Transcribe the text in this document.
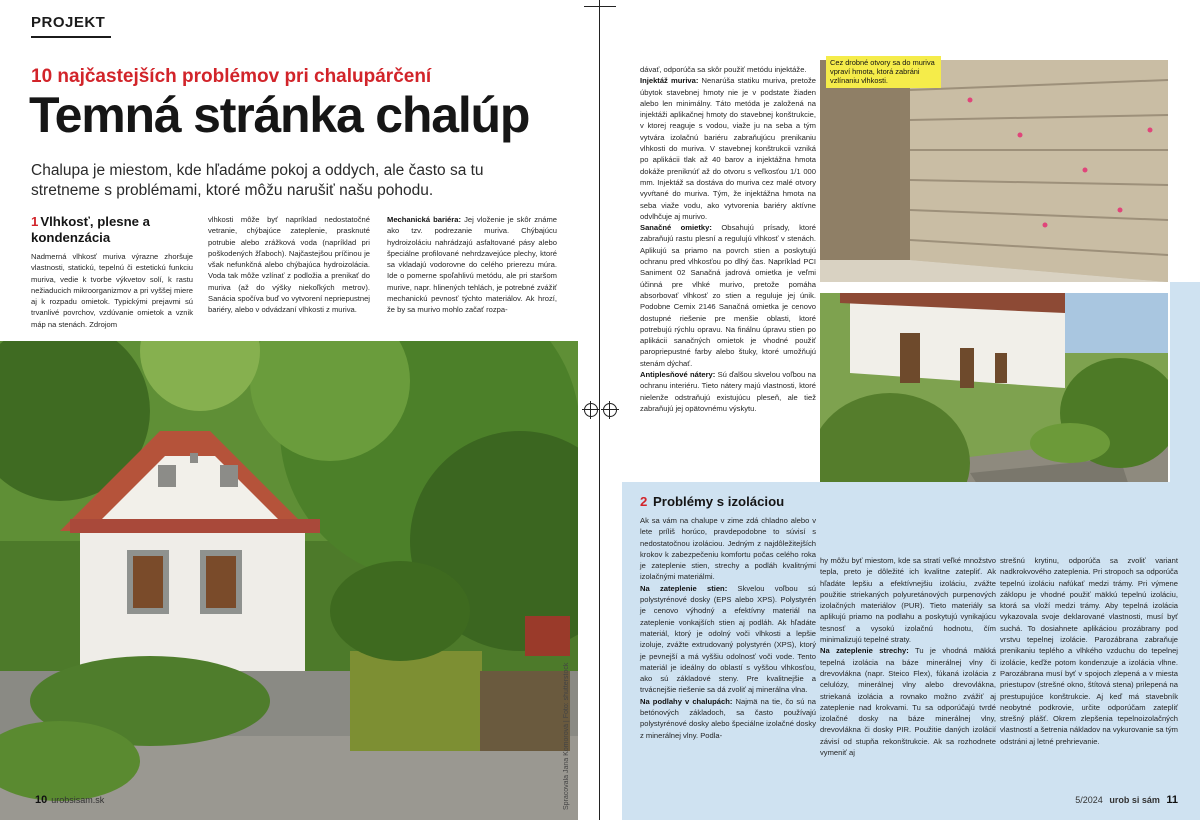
PROJEKT
10 najčastejších problémov pri chalupárčení
Temná stránka chalúp
Chalupa je miestom, kde hľadáme pokoj a oddych, ale často sa tu stretneme s problémami, ktoré môžu narušiť našu pohodu.
1 Vlhkosť, plesne a kondenzácia
Nadmerná vlhkosť muriva výrazne zhoršuje vlastnosti, statickú, tepelnú či estetickú funkciu muriva, vedie k tvorbe výkvetov solí, k rastu nežiaducich mikroorganizmov a pri vyššej miere aj k rozpadu omietok. Typickými prejavmi sú trvanlivé povrchov, vzdúvanie omietok a vznik máp na stenách. Zdrojom
vlhkosti môže byť napríklad nedostatočné vetranie, chýbajúce zateplenie, prasknuté potrubie alebo zrážková voda (napríklad pri poškodených žľaboch). Najčastejšou príčinou je však nefunkčná alebo chýbajúca hydroizolácia. Voda tak môže vzlínať z podložia a prenikať do muriva (až do výšky niekoľkých metrov). Sanácia spočíva buď vo vytvorení nepriepustnej bariéry, alebo v odvádzaní vlhkosti z muriva.
Mechanická bariéra: Jej vloženie je skôr známe ako tzv. podrezanie muriva. Chýbajúcu hydroizoláciu nahrádzajú asfaltované pásy alebo špeciálne profilované nehrdzavejúce plechy, ktoré sa vkladajú vodorovne do celého prierezu múra. Ide o pomerne spoľahlivú metódu, ale pri staršom murive, napr. hlinených tehlách, je potrebné zvážiť mechanickú pevnosť týchto materiálov. Ak hrozí, že by sa murivo mohlo začať rozpa-
Spracovala Jana Komorová | Foto: shutterstock
10 urobsisam.sk
dávať, odporúča sa skôr použiť metódu injektáže.
Injektáž muriva: Nenarúša statiku muriva, pretože úbytok stavebnej hmoty nie je v podstate žiaden alebo len minimálny. Táto metóda je založená na injektáži aplikačnej hmoty do stavebnej konštrukcie, v ktorej reaguje s vodou, viaže ju na seba a tým vytvára izolačnú bariéru zabraňujúcu prenikaniu vlhkosti do muriva. V stavebnej konštrukcii vzniká po aplikácii tlak až 40 barov a injektážna hmota dokáže preniknúť až do otvoru s veľkosťou 1/1 000 mm. Injektáž sa dostáva do muriva cez malé otvory vyvŕtané do muriva. Tým, že injektážna hmota na seba viaže vodu, ako vytvorenia bariéry aktívne odvlhčuje aj murivo.
Sanačné omietky: Obsahujú prísady, ktoré zabraňujú rastu plesní a regulujú vlhkosť v stenách. Aplikujú sa priamo na povrch stien a poskytujú ochranu pred vlhkosťou po dlhý čas. Napríklad PCI Saniment 02 Sanačná jadrová omietka je veľmi účinná pre vlhké murivo, pretože pomáha absorbovať vlhkosť zo stien a reguluje jej únik. Podobne Cemix 2146 Sanačná omietka je cenovo dostupné riešenie pre menšie oblasti, ktoré potrebujú rýchlu opravu. Na finálnu úpravu stien po aplikácii sanačných omietok je vhodné použiť paropriepustné farby alebo štuky, ktoré umožňujú stenám dýchať.
Antiplesňové nátery: Sú ďalšou skvelou voľbou na ochranu interiéru. Tieto nátery majú vlastnosti, ktoré nielenže odstraňujú existujúcu pleseň, ale tiež zabraňujú jej opätovnému výskytu.
Cez drobné otvory sa do muriva vpraví hmota, ktorá zabráni vzlínaniu vlhkosti.
2 Problémy s izoláciou
Ak sa vám na chalupe v zime zdá chladno alebo v lete príliš horúco, pravdepodobne to súvisí s nedostatočnou izoláciou. Jedným z najdôležitejších krokov k zabezpečeniu komfortu počas celého roka je zateplenie stien, strechy a podláh kvalitnými izolačnými materiálmi.
Na zateplenie stien: Skvelou voľbou sú polystyrénové dosky (EPS alebo XPS). Polystyrén je cenovo výhodný a efektívny materiál na zateplenie vonkajších stien aj podláh. Ak hľadáte materiál, ktorý je odolný voči vlhkosti a lepšie izoluje, zvážte extrudovaný polystyrén (XPS), ktorý je pevnejší a má vyššiu odolnosť voči vode. Tento materiál je ideálny do oblastí s vyššou vlhkosťou, ako sú základové steny. Pre kvalitnejšie a trvácnejšie riešenie sa dá zvoliť aj minerálna vlna.
Na podlahy v chalupách: Najmä na tie, čo sú na betónových základoch, sa často používajú polystyrénové dosky alebo špeciálne izolačné dosky z minerálnej vlny. Podla-
hy môžu byť miestom, kde sa stratí veľké množstvo tepla, preto je dôležité ich kvalitne zatepliť. Ak hľadáte lepšiu a efektívnejšiu izoláciu, zvážte použitie striekaných polyuretánových purpenových izolačných materiálov (PUR). Tieto materiály sa aplikujú priamo na podlahu a poskytujú vynikajúcu tesnosť a vysokú izolačnú hodnotu, čím minimalizujú tepelné straty.
Na zateplenie strechy: Tu je vhodná mäkká tepelná izolácia na báze minerálnej vlny či drevovlákna (napr. Steico Flex), fúkaná izolácia z celulózy, minerálnej vlny alebo drevovlákna, striekaná izolácia a rovnako možno zvážiť aj zateplenie nad krokvami. Tu sa odporúčajú tvrdé izolačné dosky na báze minerálnej vlny, drevovlákna či dosky PIR. Použitie daných izolácií závisí od stupňa rekonštrukcie. Ak sa rozhodnete vymeniť aj
strešnú krytinu, odporúča sa zvoliť variant nadkrokvového zateplenia. Pri stropoch sa odporúča tepelnú izoláciu nafúkať medzi trámy. Pri výmene záklopu je vhodné použiť mäkkú tepelnú izoláciu, ktorá sa vloží medzi trámy. Aby tepelná izolácia vykazovala svoje deklarované vlastnosti, musí byť suchá. To dosiahnete aplikáciou prozábrany pod vrstvu tepelnej izolácie. Parozábrana zabraňuje prenikaniu teplého a vlhkého vzduchu do tepelnej izolácie, keďže potom kondenzuje a izolácia vlhne. Parozábrana musí byť v spojoch zlepená a v miesta priestupov (strešné okno, štítová stena) prilepená na prestupujúce konštrukcie. Aj keď má stavebník neobytné podkrovie, určite odporúčam zatepliť strešný plášť. Okrem zlepšenia tepelnoizolačných vlastností a šetrenia nákladov na vykurovanie sa tým odstráni aj letné prehrievanie.
5/2024 urob si sám 11
